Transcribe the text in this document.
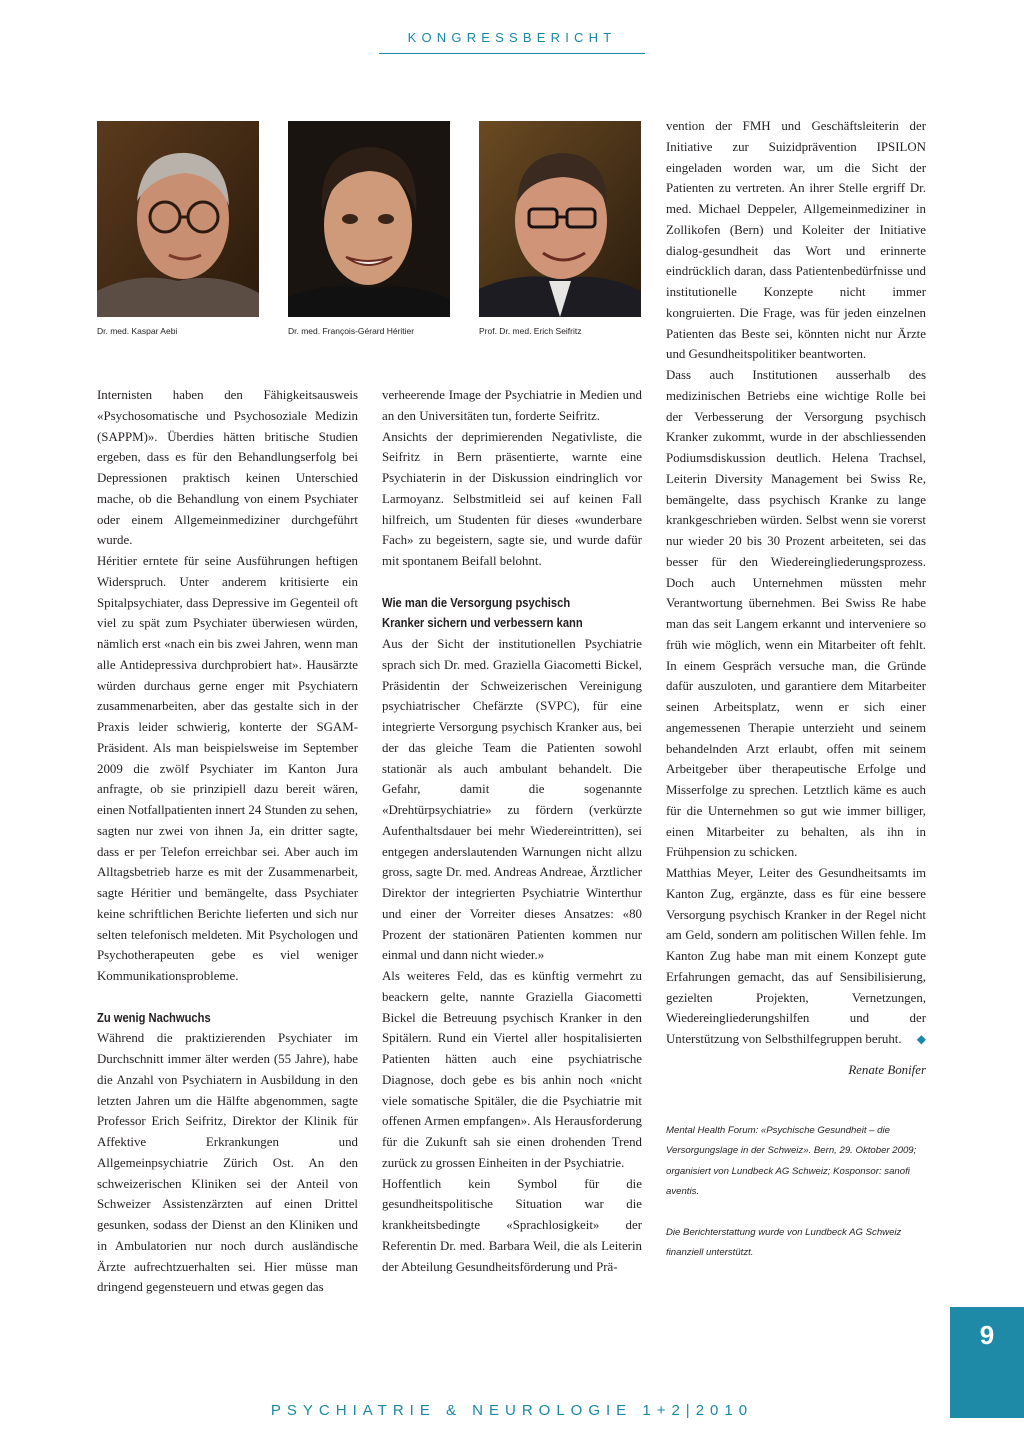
KONGRESSBERICHT
Dr. med. Kaspar Aebi	Dr. med. François-Gérard Héritier	Prof. Dr. med. Erich Seifritz

Internisten haben den Fähigkeitsausweis «Psychosomatische und Psychosoziale Medizin (SAPPM)». Überdies hätten britische Studien ergeben, dass es für den Behandlungserfolg bei Depressionen praktisch keinen Unterschied mache, ob die Behandlung von einem Psychiater oder einem Allgemeinmediziner durchgeführt wurde.

Héritier erntete für seine Ausführungen heftigen Widerspruch. Unter anderem kritisierte ein Spitalpsychiater, dass Depressive im Gegenteil oft viel zu spät zum Psychiater überwiesen würden, nämlich erst «nach ein bis zwei Jahren, wenn man alle Antidepressiva durchprobiert hat». Hausärzte würden durchaus gerne enger mit Psychiatern zusammenarbeiten, aber das gestalte sich in der Praxis leider schwierig, konterte der SGAM-Präsident. Als man beispielsweise im September 2009 die zwölf Psychiater im Kanton Jura anfragte, ob sie prinzipiell dazu bereit wären, einen Notfallpatienten innert 24 Stunden zu sehen, sagten nur zwei von ihnen Ja, ein dritter sagte, dass er per Telefon erreichbar sei. Aber auch im Alltagsbetrieb harze es mit der Zusammenarbeit, sagte Héritier und bemängelte, dass Psychiater keine schriftlichen Berichte lieferten und sich nur selten telefonisch meldeten. Mit Psychologen und Psychotherapeuten gebe es viel weniger Kommunikationsprobleme.

Zu wenig Nachwuchs

Während die praktizierenden Psychiater im Durchschnitt immer älter werden (55 Jahre), habe die Anzahl von Psychiatern in Ausbildung in den letzten Jahren um die Hälfte abgenommen, sagte Professor Erich Seifritz, Direktor der Klinik für Affektive Erkrankungen und Allgemeinpsychiatrie Zürich Ost. An den schweizerischen Kliniken sei der Anteil von Schweizer Assistenzärzten auf einen Drittel gesunken, sodass der Dienst an den Kliniken und in Ambulatorien nur noch durch ausländische Ärzte aufrechtzuerhalten sei. Hier müsse man dringend gegensteuern und etwas gegen das

verheerende Image der Psychiatrie in Medien und an den Universitäten tun, forderte Seifritz.

Ansichts der deprimierenden Negativliste, die Seifritz in Bern präsentierte, warnte eine Psychiaterin in der Diskussion eindringlich vor Larmoyanz. Selbstmitleid sei auf keinen Fall hilfreich, um Studenten für dieses «wunderbare Fach» zu begeistern, sagte sie, und wurde dafür mit spontanem Beifall belohnt.

Wie man die Versorgung psychisch
Kranker sichern und verbessern kann

Aus der Sicht der institutionellen Psychiatrie sprach sich Dr. med. Graziella Giacometti Bickel, Präsidentin der Schweizerischen Vereinigung psychiatrischer Chefärzte (SVPC), für eine integrierte Versorgung psychisch Kranker aus, bei der das gleiche Team die Patienten sowohl stationär als auch ambulant behandelt. Die Gefahr, damit die sogenannte «Drehtürpsychiatrie» zu fördern (verkürzte Aufenthaltsdauer bei mehr Wiedereintritten), sei entgegen anderslautenden Warnungen nicht allzu gross, sagte Dr. med. Andreas Andreae, Ärztlicher Direktor der integrierten Psychiatrie Winterthur und einer der Vorreiter dieses Ansatzes: «80 Prozent der stationären Patienten kommen nur einmal und dann nicht wieder.»

Als weiteres Feld, das es künftig vermehrt zu beackern gelte, nannte Graziella Giacometti Bickel die Betreuung psychisch Kranker in den Spitälern. Rund ein Viertel aller hospitalisierten Patienten hätten auch eine psychiatrische Diagnose, doch gebe es bis anhin noch «nicht viele somatische Spitäler, die die Psychiatrie mit offenen Armen empfangen». Als Herausforderung für die Zukunft sah sie einen drohenden Trend zurück zu grossen Einheiten in der Psychiatrie.

Hoffentlich kein Symbol für die gesundheitspolitische Situation war die krankheitsbedingte «Sprachlosigkeit» der Referentin Dr. med. Barbara Weil, die als Leiterin der Abteilung Gesundheitsförderung und Prä-

vention der FMH und Geschäftsleiterin der Initiative zur Suizidprävention IPSILON eingeladen worden war, um die Sicht der Patienten zu vertreten. An ihrer Stelle ergriff Dr. med. Michael Deppeler, Allgemeinmediziner in Zollikofen (Bern) und Koleiter der Initiative dialog-gesundheit das Wort und erinnerte eindrücklich daran, dass Patientenbedürfnisse und institutionelle Konzepte nicht immer kongruierten. Die Frage, was für jeden einzelnen Patienten das Beste sei, könnten nicht nur Ärzte und Gesundheitspolitiker beantworten.

Dass auch Institutionen ausserhalb des medizinischen Betriebs eine wichtige Rolle bei der Verbesserung der Versorgung psychisch Kranker zukommt, wurde in der abschliessenden Podiumsdiskussion deutlich. Helena Trachsel, Leiterin Diversity Management bei Swiss Re, bemängelte, dass psychisch Kranke zu lange krankgeschrieben würden. Selbst wenn sie vorerst nur wieder 20 bis 30 Prozent arbeiteten, sei das besser für den Wiedereingliederungsprozess. Doch auch Unternehmen müssten mehr Verantwortung übernehmen. Bei Swiss Re habe man das seit Langem erkannt und interveniere so früh wie möglich, wenn ein Mitarbeiter oft fehlt. In einem Gespräch versuche man, die Gründe dafür auszuloten, und garantiere dem Mitarbeiter seinen Arbeitsplatz, wenn er sich einer angemessenen Therapie unterzieht und seinem behandelnden Arzt erlaubt, offen mit seinem Arbeitgeber über therapeutische Erfolge und Misserfolge zu sprechen. Letztlich käme es auch für die Unternehmen so gut wie immer billiger, einen Mitarbeiter zu behalten, als ihn in Frühpension zu schicken.

Matthias Meyer, Leiter des Gesundheitsamts im Kanton Zug, ergänzte, dass es für eine bessere Versorgung psychisch Kranker in der Regel nicht am Geld, sondern am politischen Willen fehle. Im Kanton Zug habe man mit einem Konzept gute Erfahrungen gemacht, das auf Sensibilisierung, gezielten Projekten, Vernetzungen, Wiedereingliederungshilfen und der Unterstützung von Selbsthilfegruppen beruht. ◆

Renate Bonifer

Mental Health Forum: «Psychische Gesundheit – die Versorgungslage in der Schweiz». Bern, 29. Oktober 2009; organisiert von Lundbeck AG Schweiz; Kosponsor: sanofi aventis.

Die Berichterstattung wurde von Lundbeck AG Schweiz finanziell unterstützt.

9
PSYCHIATRIE & NEUROLOGIE 1+2|2010
